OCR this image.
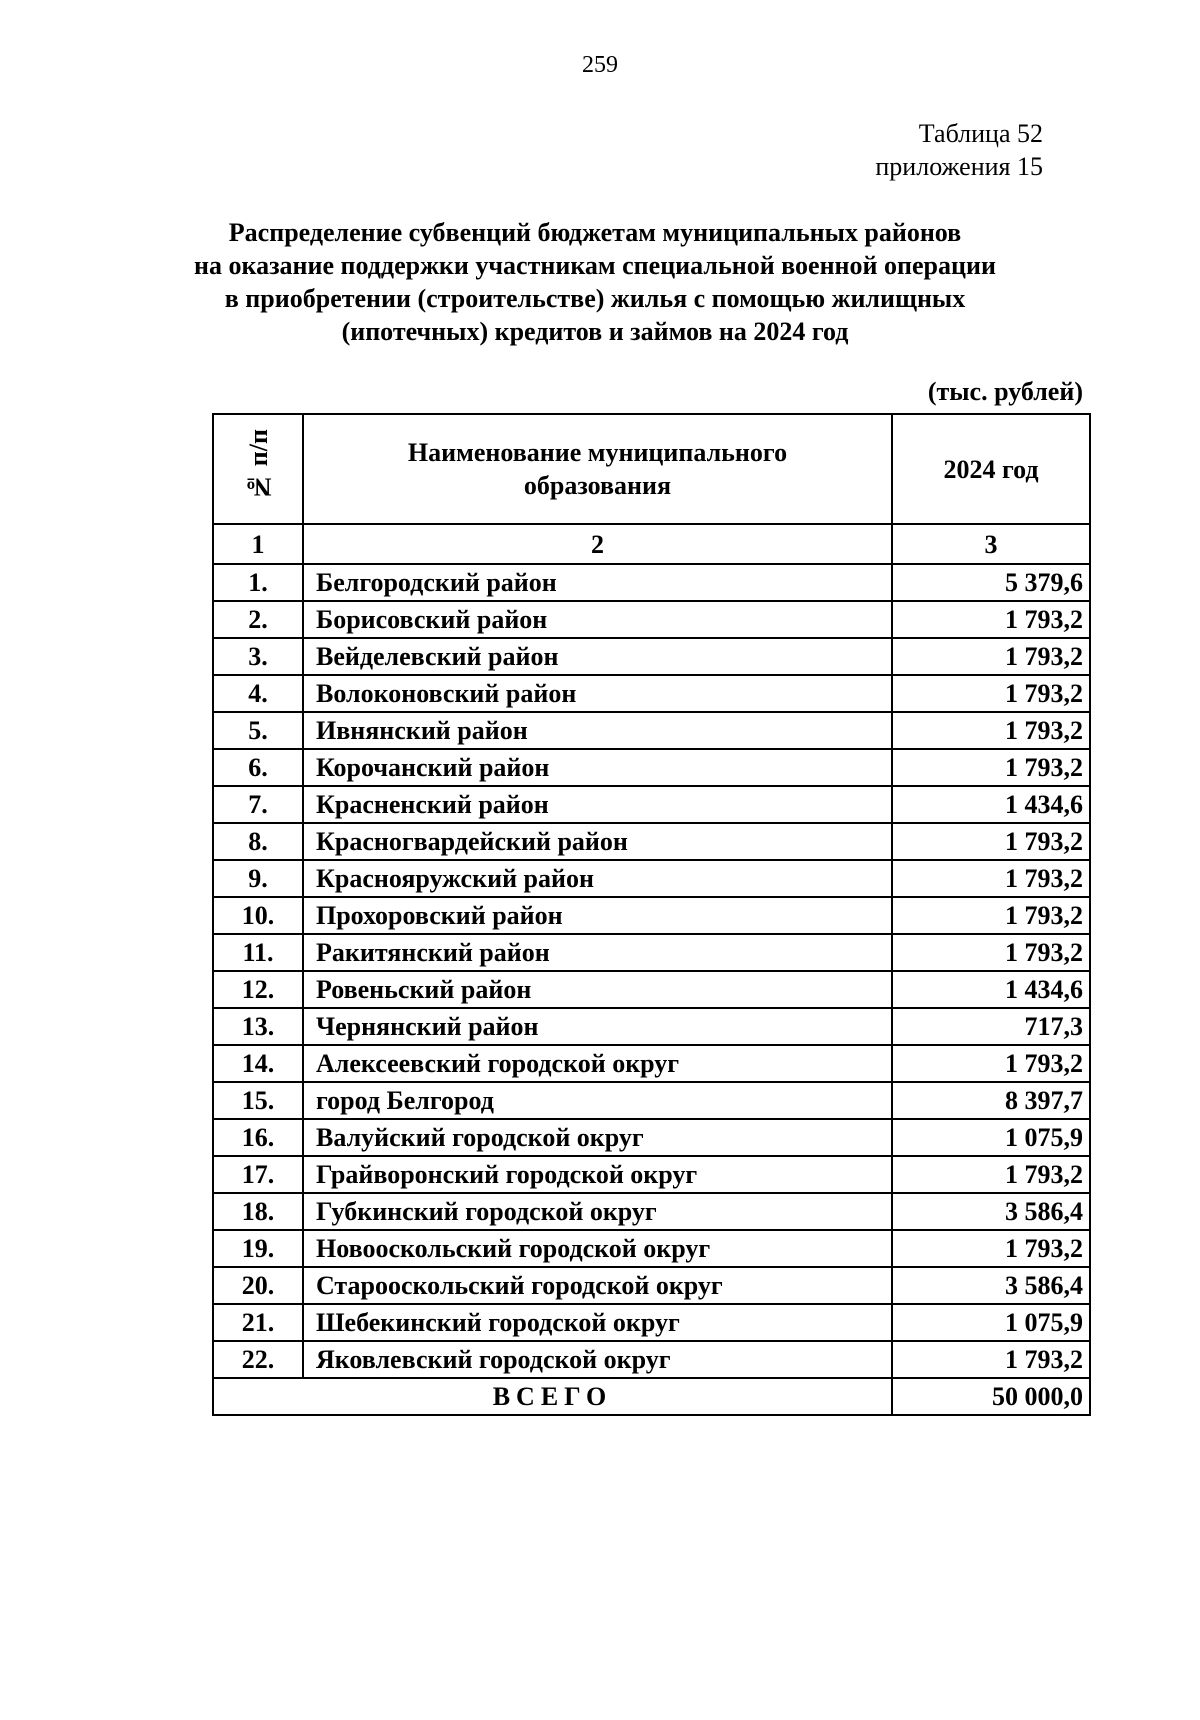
259
Таблица 52
приложения 15
Распределение субвенций бюджетам муниципальных районов
на оказание поддержки участникам специальной военной операции
в приобретении (строительстве) жилья с помощью жилищных
(ипотечных) кредитов и займов на 2024 год
(тыс. рублей)
№ п/п	Наименование муниципального образования	2024 год
1	2	3
1.	Белгородский район	5 379,6
2.	Борисовский район	1 793,2
3.	Вейделевский район	1 793,2
4.	Волоконовский район	1 793,2
5.	Ивнянский район	1 793,2
6.	Корочанский район	1 793,2
7.	Красненский район	1 434,6
8.	Красногвардейский район	1 793,2
9.	Краснояружский район	1 793,2
10.	Прохоровский район	1 793,2
11.	Ракитянский район	1 793,2
12.	Ровеньский район	1 434,6
13.	Чернянский район	717,3
14.	Алексеевский городской округ	1 793,2
15.	город Белгород	8 397,7
16.	Валуйский городской округ	1 075,9
17.	Грайворонский городской округ	1 793,2
18.	Губкинский городской округ	3 586,4
19.	Новооскольский городской округ	1 793,2
20.	Старооскольский городской округ	3 586,4
21.	Шебекинский городской округ	1 075,9
22.	Яковлевский городской округ	1 793,2
ВСЕГО		50 000,0
